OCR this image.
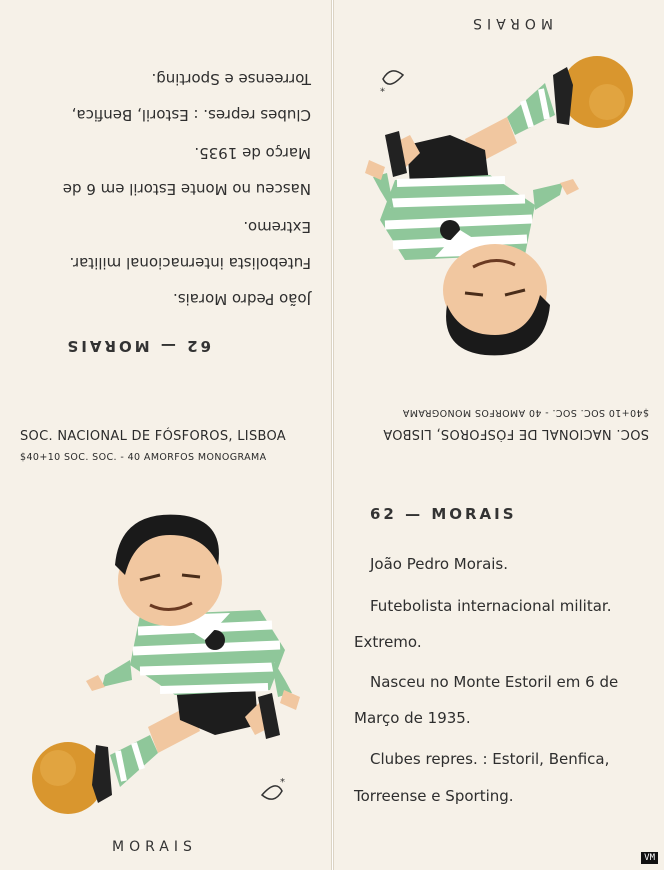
62 — MORAIS
João Pedro Morais.
Futebolista internacional militar.
Extremo.
Nasceu no Monte Estoril em 6 de
Março de 1935.
Clubes repres. : Estoril, Benfica,
Torreense e Sporting.
SOC. NACIONAL DE FÓSFOROS, LISBOA
$40+10 SOC. SOC. - 40 AMORFOS MONOGRAMA
*
MORAIS
SOC. NACIONAL DE FÓSFOROS, LISBOA
$40+10 SOC. SOC. - 40 AMORFOS MONOGRAMA
*
MORAIS
62 — MORAIS
João Pedro Morais.
Futebolista internacional militar.
Extremo.
Nasceu no Monte Estoril em 6 de
Março de 1935.
Clubes repres. : Estoril, Benfica,
Torreense e Sporting.
VM
